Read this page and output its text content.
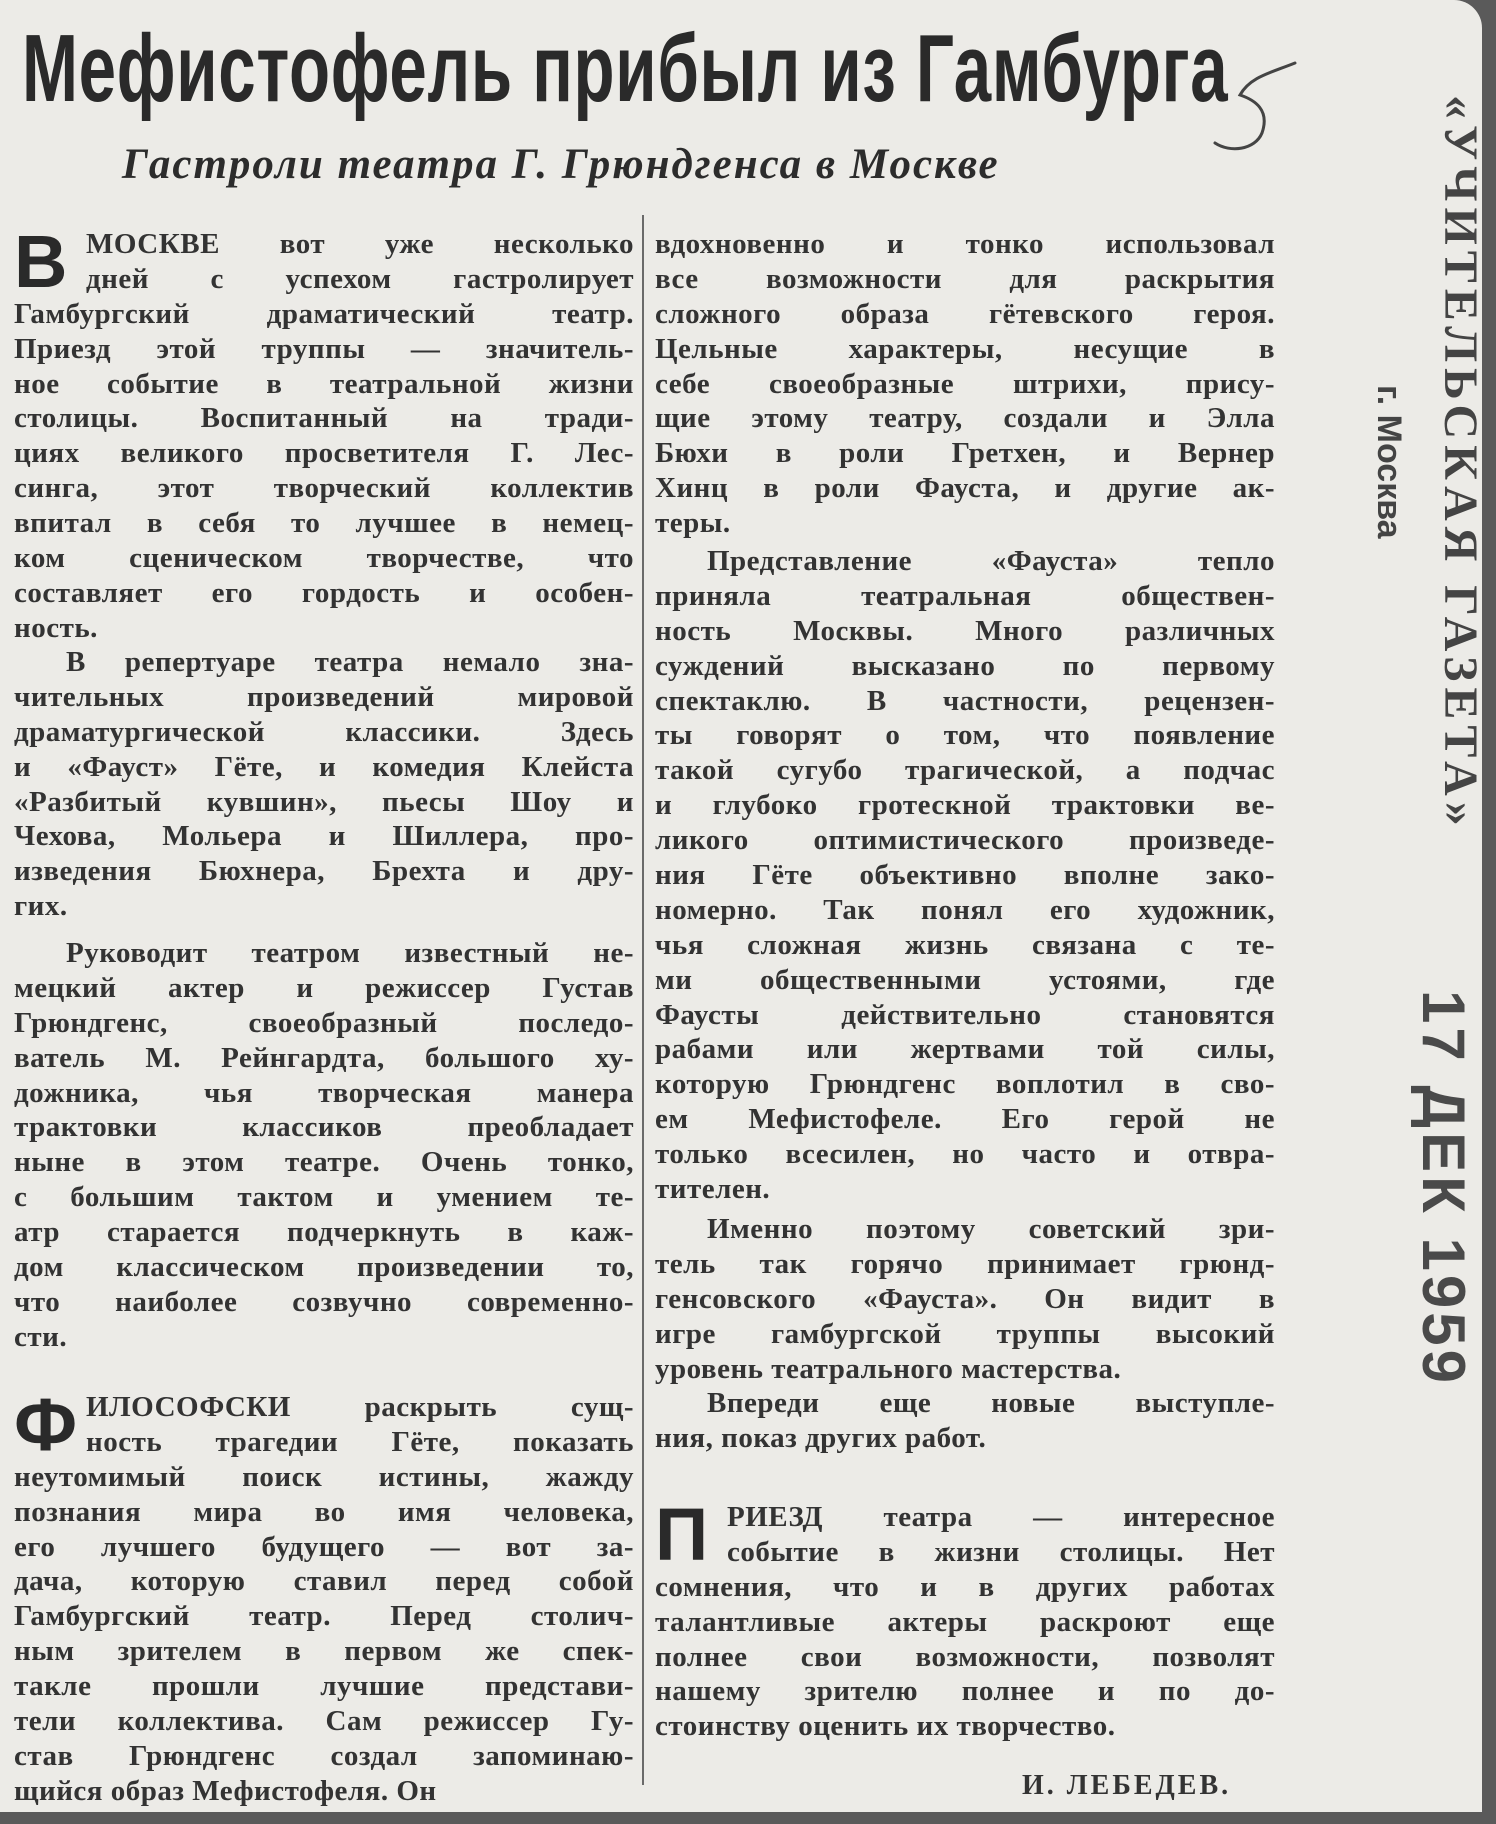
Мефистофель прибыл из Гамбурга
Гастроли театра Г. Грюндгенса в Москве
В МОСКВЕ вот уже несколько
дней с успехом гастролирует
Гамбургский драматический театр.
Приезд этой труппы — значитель-
ное событие в театральной жизни
столицы. Воспитанный на тради-
циях великого просветителя Г. Лес-
синга, этот творческий коллектив
впитал в себя то лучшее в немец-
ком сценическом творчестве, что
составляет его гордость и особен-
ность.
В репертуаре театра немало зна-
чительных произведений мировой
драматургической классики. Здесь
и «Фауст» Гёте, и комедия Клейста
«Разбитый кувшин», пьесы Шоу и
Чехова, Мольера и Шиллера, про-
изведения Бюхнера, Брехта и дру-
гих.
Руководит театром известный не-
мецкий актер и режиссер Густав
Грюндгенс, своеобразный последо-
ватель М. Рейнгардта, большого ху-
дожника, чья творческая манера
трактовки классиков преобладает
ныне в этом театре. Очень тонко,
с большим тактом и умением те-
атр старается подчеркнуть в каж-
дом классическом произведении то,
что наиболее созвучно современно-
сти.
Ф ИЛОСОФСКИ раскрыть сущ-
ность трагедии Гёте, показать
неутомимый поиск истины, жажду
познания мира во имя человека,
его лучшего будущего — вот за-
дача, которую ставил перед собой
Гамбургский театр. Перед столич-
ным зрителем в первом же спек-
такле прошли лучшие представи-
тели коллектива. Сам режиссер Гу-
став Грюндгенс создал запоминаю-
щийся образ Мефистофеля. Он
вдохновенно и тонко использовал
все возможности для раскрытия
сложного образа гётевского героя.
Цельные характеры, несущие в
себе своеобразные штрихи, прису-
щие этому театру, создали и Элла
Бюхи в роли Гретхен, и Вернер
Хинц в роли Фауста, и другие ак-
теры.
Представление «Фауста» тепло
приняла театральная обществен-
ность Москвы. Много различных
суждений высказано по первому
спектаклю. В частности, рецензен-
ты говорят о том, что появление
такой сугубо трагической, а подчас
и глубоко гротескной трактовки ве-
ликого оптимистического произведе-
ния Гёте объективно вполне зако-
номерно. Так понял его художник,
чья сложная жизнь связана с те-
ми общественными устоями, где
Фаусты действительно становятся
рабами или жертвами той силы,
которую Грюндгенс воплотил в сво-
ем Мефистофеле. Его герой не
только всесилен, но часто и отвра-
тителен.
Именно поэтому советский зри-
тель так горячо принимает грюнд-
генсовского «Фауста». Он видит в
игре гамбургской труппы высокий
уровень театрального мастерства.
Впереди еще новые выступле-
ния, показ других работ.
П РИЕЗД театра — интересное
событие в жизни столицы. Нет
сомнения, что и в других работах
талантливые актеры раскроют еще
полнее свои возможности, позволят
нашему зрителю полнее и по до-
стоинству оценить их творчество.
И. ЛЕБЕДЕВ.
«УЧИТЕЛЬСКАЯ ГАЗЕТА»
г. Москва
17 ДЕК 1959
